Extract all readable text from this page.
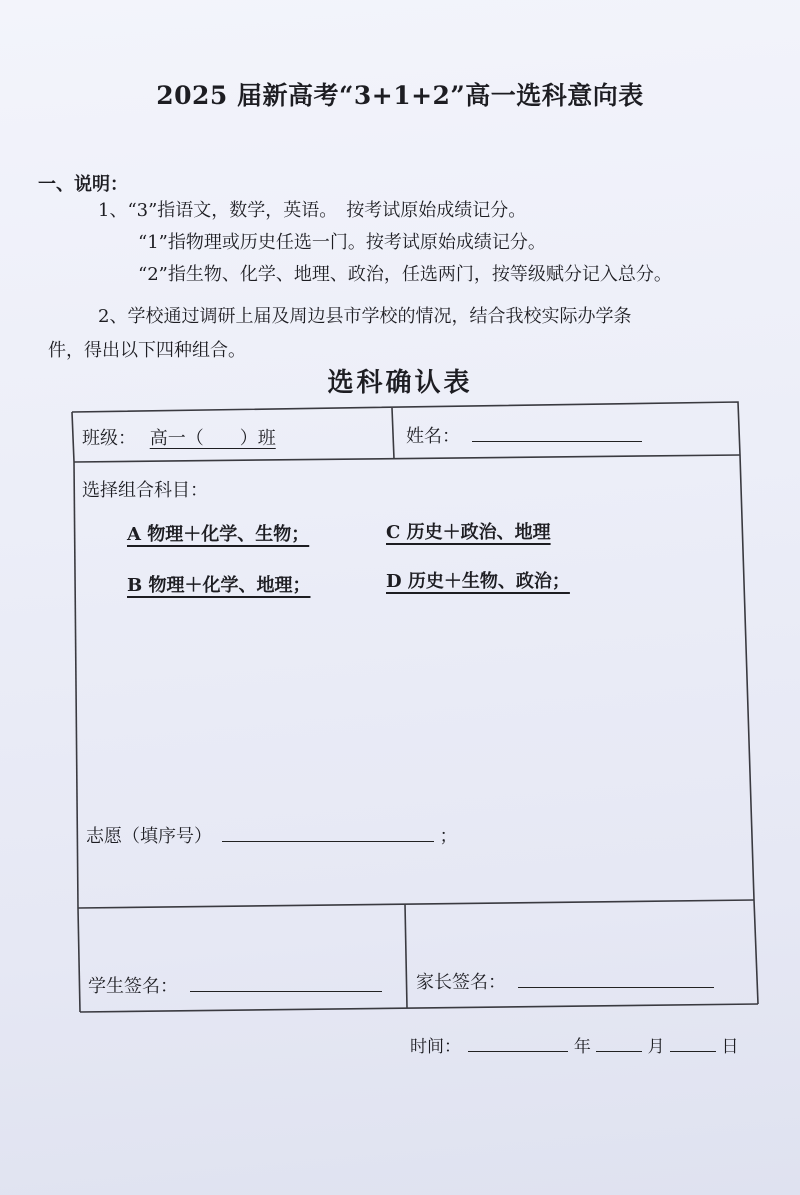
2025 届新高考“3+1+2”高一选科意向表
一、说明：
1、“3”指语文，数学，英语。　按考试原始成绩记分。
“1”指物理或历史任选一门。按考试原始成绩记分。
“2”指生物、化学、地理、政治，任选两门，按等级赋分记入总分。
2、学校通过调研上届及周边县市学校的情况，结合我校实际办学条
件，得出以下四种组合。
选科确认表
班级： 高一（　　）班	姓名：
选择组合科目：
A 物理＋化学、生物；	C 历史＋政治、地理
B 物理＋化学、地理；	D 历史＋生物、政治；
志愿（填序号）	；
学生签名：	家长签名：
时间：	年	月	日
